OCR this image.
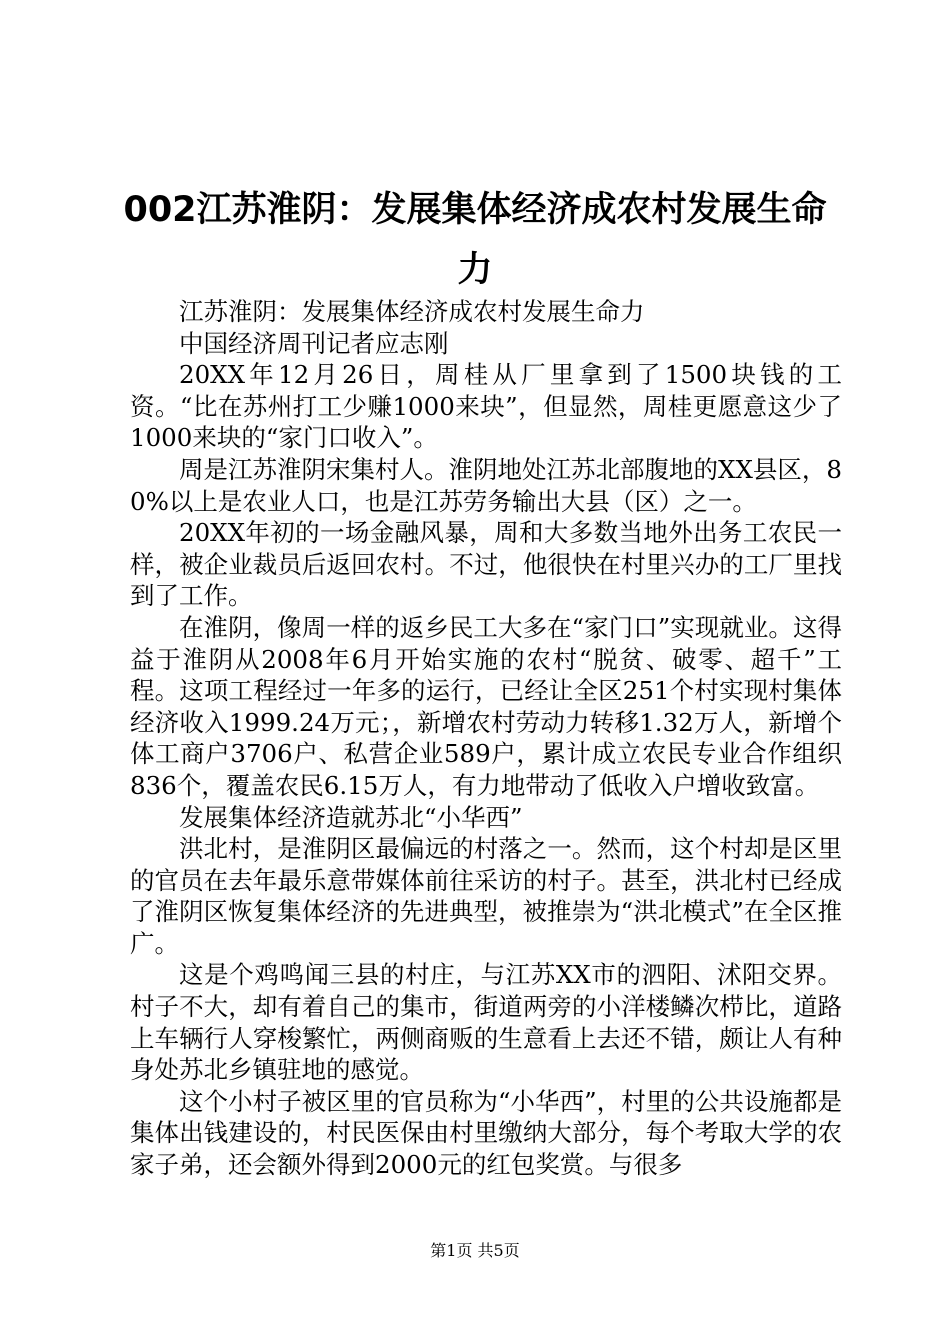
002江苏淮阴：发展集体经济成农村发展生命力

江苏淮阴：发展集体经济成农村发展生命力

中国经济周刊记者应志刚

20XX年12月26日，周桂从厂里拿到了1500块钱的工资。“比在苏州打工少赚1000来块”，但显然，周桂更愿意这少了1000来块的“家门口收入”。

周是江苏淮阴宋集村人。淮阴地处江苏北部腹地的XX县区，80%以上是农业人口，也是江苏劳务输出大县（区）之一。

20XX年初的一场金融风暴，周和大多数当地外出务工农民一样，被企业裁员后返回农村。不过，他很快在村里兴办的工厂里找到了工作。

在淮阴，像周一样的返乡民工大多在“家门口”实现就业。这得益于淮阴从2008年6月开始实施的农村“脱贫、破零、超千”工程。这项工程经过一年多的运行，已经让全区251个村实现村集体经济收入1999.24万元；，新增农村劳动力转移1.32万人，新增个体工商户3706户、私营企业589户，累计成立农民专业合作组织836个，覆盖农民6.15万人，有力地带动了低收入户增收致富。

发展集体经济造就苏北“小华西”

洪北村，是淮阴区最偏远的村落之一。然而，这个村却是区里的官员在去年最乐意带媒体前往采访的村子。甚至，洪北村已经成了淮阴区恢复集体经济的先进典型，被推崇为“洪北模式”在全区推广。

这是个鸡鸣闻三县的村庄，与江苏XX市的泗阳、沭阳交界。村子不大，却有着自己的集市，街道两旁的小洋楼鳞次栉比，道路上车辆行人穿梭繁忙，两侧商贩的生意看上去还不错，颇让人有种身处苏北乡镇驻地的感觉。

这个小村子被区里的官员称为“小华西”，村里的公共设施都是集体出钱建设的，村民医保由村里缴纳大部分，每个考取大学的农家子弟，还会额外得到2000元的红包奖赏。与很多

第1页 共5页
